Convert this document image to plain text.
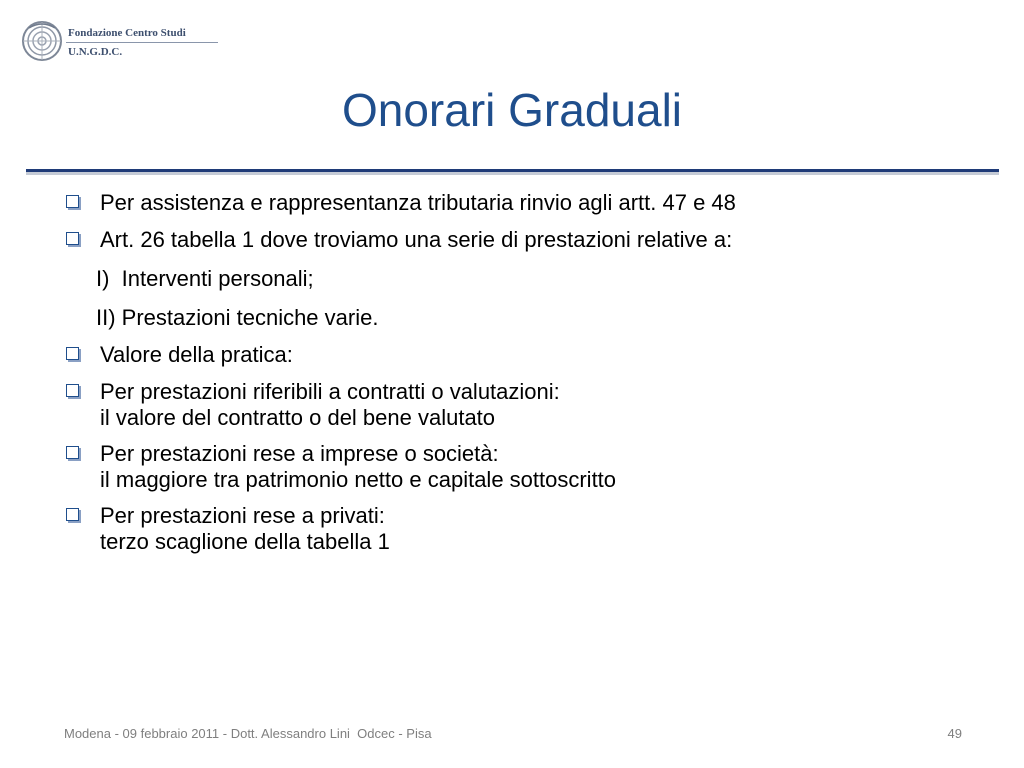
Fondazione Centro Studi
U.N.G.D.C.
Onorari Graduali
Per assistenza e rappresentanza tributaria rinvio agli artt. 47 e 48
Art. 26 tabella 1 dove troviamo una serie di prestazioni relative a:
I)  Interventi personali;
II) Prestazioni tecniche varie.
Valore della pratica:
Per prestazioni riferibili a contratti o valutazioni:
il valore del contratto o del bene valutato
Per prestazioni rese a imprese o società:
il maggiore tra patrimonio netto e capitale sottoscritto
Per prestazioni rese a privati:
terzo scaglione della tabella 1
Modena - 09 febbraio 2011 - Dott. Alessandro Lini  Odcec - Pisa	49
